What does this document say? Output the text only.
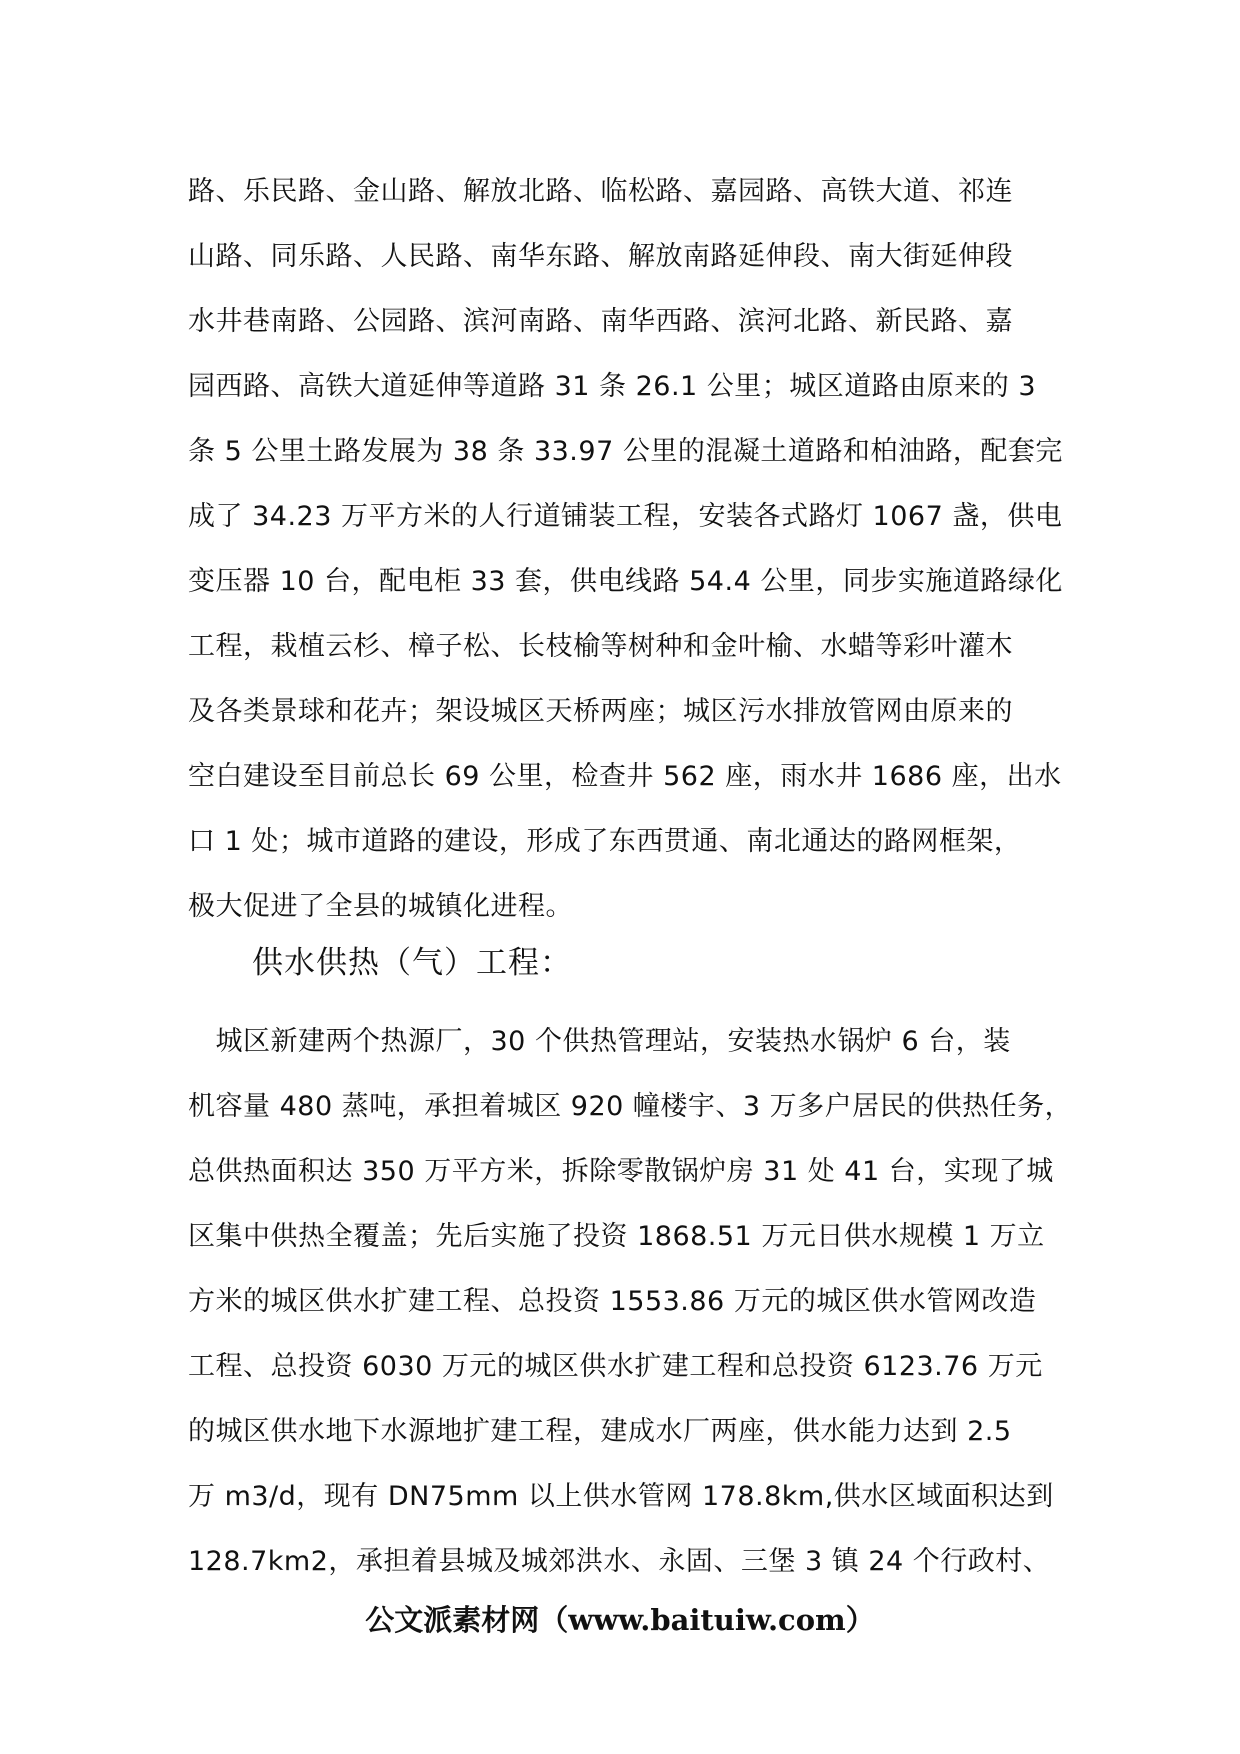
路、乐民路、金山路、解放北路、临松路、嘉园路、高铁大道、祁连
山路、同乐路、人民路、南华东路、解放南路延伸段、南大街延伸段
水井巷南路、公园路、滨河南路、南华西路、滨河北路、新民路、嘉
园西路、高铁大道延伸等道路 31 条 26.1 公里；城区道路由原来的 3
条 5 公里土路发展为 38 条 33.97 公里的混凝土道路和柏油路，配套完
成了 34.23 万平方米的人行道铺装工程，安装各式路灯 1067 盏，供电
变压器 10 台，配电柜 33 套，供电线路 54.4 公里，同步实施道路绿化
工程，栽植云杉、樟子松、长枝榆等树种和金叶榆、水蜡等彩叶灌木
及各类景球和花卉；架设城区天桥两座；城区污水排放管网由原来的
空白建设至目前总长 69 公里，检查井 562 座，雨水井 1686 座，出水
口 1 处；城市道路的建设，形成了东西贯通、南北通达的路网框架，
极大促进了全县的城镇化进程。
供水供热（气）工程：
　城区新建两个热源厂，30 个供热管理站，安装热水锅炉 6 台，装
机容量 480 蒸吨，承担着城区 920 幢楼宇、3 万多户居民的供热任务，
总供热面积达 350 万平方米，拆除零散锅炉房 31 处 41 台，实现了城
区集中供热全覆盖；先后实施了投资 1868.51 万元日供水规模 1 万立
方米的城区供水扩建工程、总投资 1553.86 万元的城区供水管网改造
工程、总投资 6030 万元的城区供水扩建工程和总投资 6123.76 万元
的城区供水地下水源地扩建工程，建成水厂两座，供水能力达到 2.5
万 m3/d，现有 DN75mm 以上供水管网 178.8km,供水区域面积达到
128.7km2，承担着县城及城郊洪水、永固、三堡 3 镇 24 个行政村、
公文派素材网（www.baituiw.com）
